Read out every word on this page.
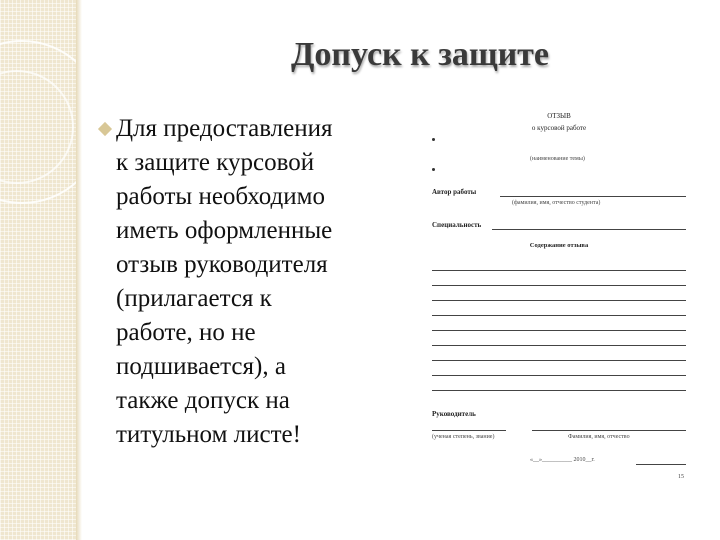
Допуск к защите
Для предоставления
к защите курсовой
работы необходимо
иметь оформленные
отзыв руководителя
(прилагается к
работе, но не
подшивается), а
также допуск на
титульном листе!
ОТЗЫВ
о курсовой работе
(наименование темы)
Автор работы
(фамилия, имя, отчество студента)
Специальность
Содержание отзыва
Руководитель
(ученая степень, звание)	Фамилия, имя, отчество
«__»__________ 2010__г.
15
